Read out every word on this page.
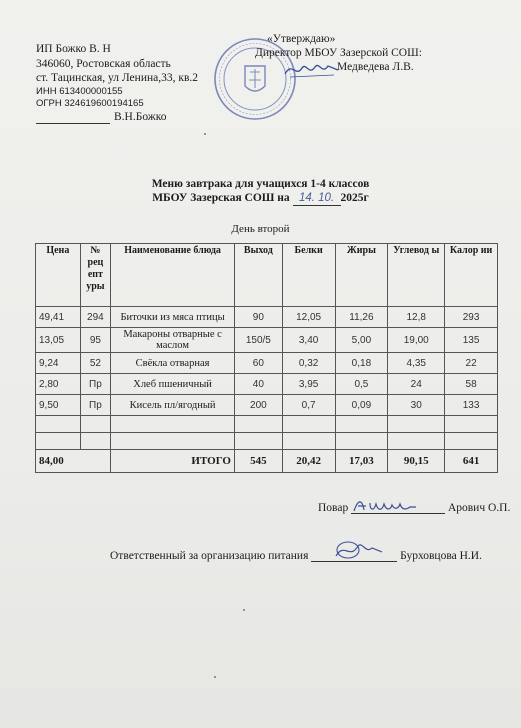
ИП Божко В. Н
346060, Ростовская область
ст. Тацинская, ул Ленина,33, кв.2
ИНН 613400000155
ОГРН 324619600194165
В.Н.Божко
«Утверждаю»
Директор МБОУ Зазерской СОШ:
Медведева Л.В.
Меню завтрака для учащихся 1-4 классов
МБОУ Зазерская СОШ на 14. 10. 2025г
День второй
Цена	№ рец епт уры	Наименование блюда	Выход	Белки	Жиры	Углевод ы	Калор ии
49,41	294	Биточки из мяса птицы	90	12,05	11,26	12,8	293
13,05	95	Макароны отварные с маслом	150/5	3,40	5,00	19,00	135
9,24	52	Свёкла отварная	60	0,32	0,18	4,35	22
2,80	Пр	Хлеб пшеничный	40	3,95	0,5	24	58
9,50	Пр	Кисель пл/ягодный	200	0,7	0,09	30	133

84,00		ИТОГО	545	20,42	17,03	90,15	641
Повар	Арович О.П.
Ответственный за организацию питания	Бурховцова Н.И.
